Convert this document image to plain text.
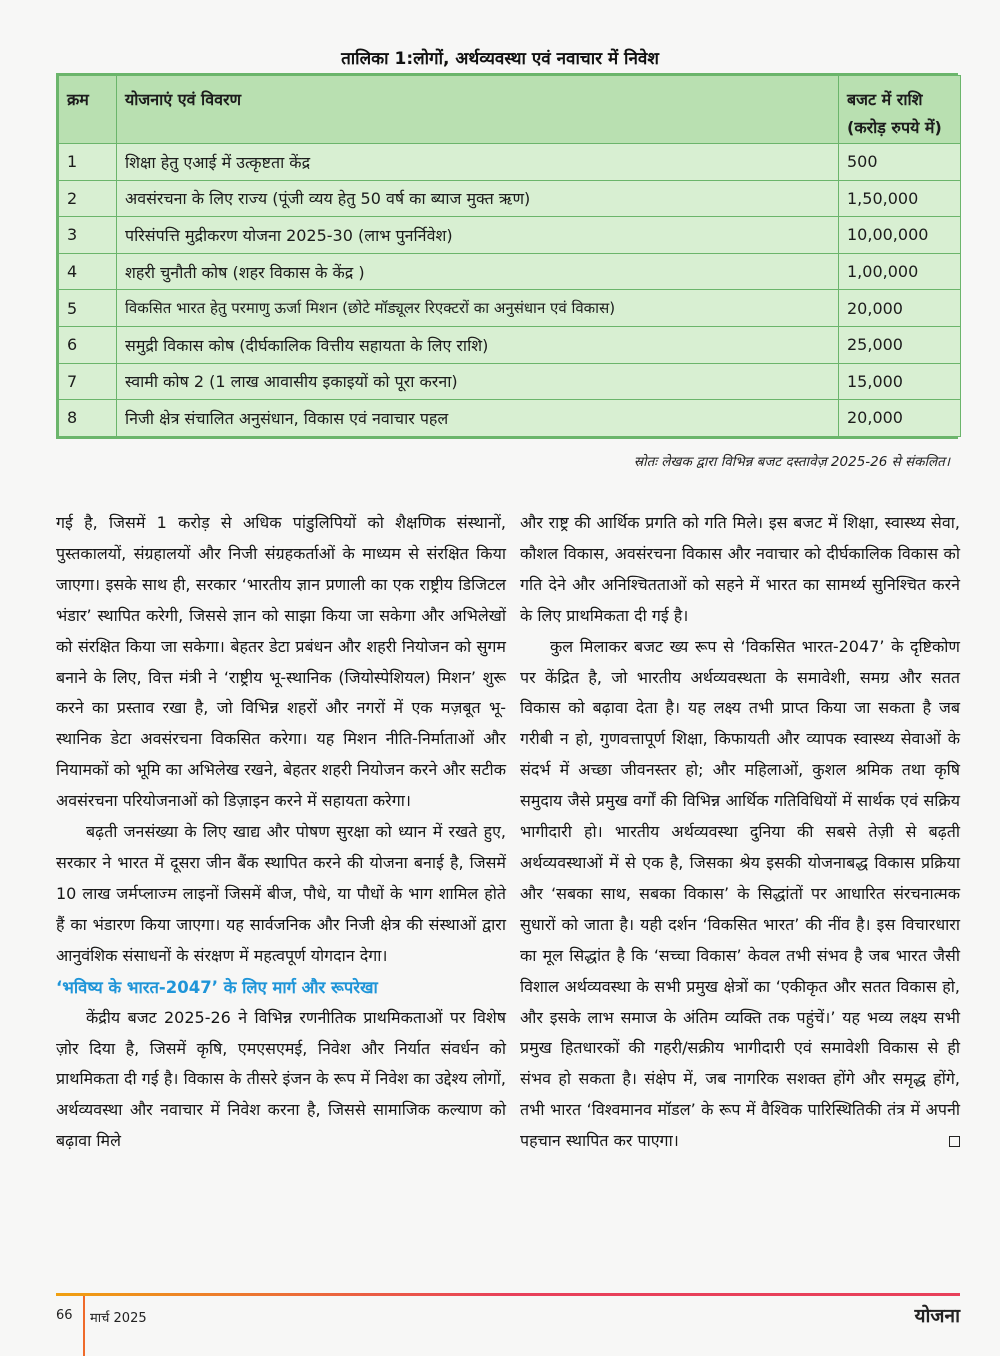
तालिका 1:लोगों, अर्थव्यवस्था एवं नवाचार में निवेश
क्रम	योजनाएं एवं विवरण	बजट में राशि
(करोड़ रुपये में)

1	शिक्षा हेतु एआई में उत्कृष्टता केंद्र	500
2	अवसंरचना के लिए राज्य (पूंजी व्यय हेतु 50 वर्ष का ब्याज मुक्त ऋण)	1,50,000
3	परिसंपत्ति मुद्रीकरण योजना 2025-30 (लाभ पुनर्निवेश)	10,00,000
4	शहरी चुनौती कोष (शहर विकास के केंद्र )	1,00,000
5	विकसित भारत हेतु परमाणु ऊर्जा मिशन (छोटे मॉड्यूलर रिएक्टरों का अनुसंधान एवं विकास)	20,000
6	समुद्री विकास कोष (दीर्घकालिक वित्तीय सहायता के लिए राशि)	25,000
7	स्वामी कोष 2 (1 लाख आवासीय इकाइयों को पूरा करना)	15,000
8	निजी क्षेत्र संचालित अनुसंधान, विकास एवं नवाचार पहल	20,000
स्रोतः लेखक द्वारा विभिन्न बजट दस्तावेज़ 2025-26 से संकलित।

गई है, जिसमें 1 करोड़ से अधिक पांडुलिपियों को शैक्षणिक संस्थानों, पुस्तकालयों, संग्रहालयों और निजी संग्रहकर्ताओं के माध्यम से संरक्षित किया जाएगा। इसके साथ ही, सरकार ‘भारतीय ज्ञान प्रणाली का एक राष्ट्रीय डिजिटल भंडार’ स्थापित करेगी, जिससे ज्ञान को साझा किया जा सकेगा और अभिलेखों को संरक्षित किया जा सकेगा। बेहतर डेटा प्रबंधन और शहरी नियोजन को सुगम बनाने के लिए, वित्त मंत्री ने ‘राष्ट्रीय भू-स्थानिक (जियोस्पेशियल) मिशन’ शुरू करने का प्रस्ताव रखा है, जो विभिन्न शहरों और नगरों में एक मज़बूत भू-स्थानिक डेटा अवसंरचना विकसित करेगा। यह मिशन नीति-निर्माताओं और नियामकों को भूमि का अभिलेख रखने, बेहतर शहरी नियोजन करने और सटीक अवसंरचना परियोजनाओं को डिज़ाइन करने में सहायता करेगा।

बढ़ती जनसंख्या के लिए खाद्य और पोषण सुरक्षा को ध्यान में रखते हुए, सरकार ने भारत में दूसरा जीन बैंक स्थापित करने की योजना बनाई है, जिसमें 10 लाख जर्मप्लाज्म लाइनों जिसमें बीज, पौधे, या पौधों के भाग शामिल होते हैं का भंडारण किया जाएगा। यह सार्वजनिक और निजी क्षेत्र की संस्थाओं द्वारा आनुवंशिक संसाधनों के संरक्षण में महत्वपूर्ण योगदान देगा।

‘भविष्य के भारत-2047’ के लिए मार्ग और रूपरेखा

केंद्रीय बजट 2025-26 ने विभिन्न रणनीतिक प्राथमिकताओं पर विशेष ज़ोर दिया है, जिसमें कृषि, एमएसएमई, निवेश और निर्यात संवर्धन को प्राथमिकता दी गई है। विकास के तीसरे इंजन के रूप में निवेश का उद्देश्य लोगों, अर्थव्यवस्था और नवाचार में निवेश करना है, जिससे सामाजिक कल्याण को बढ़ावा मिले

और राष्ट्र की आर्थिक प्रगति को गति मिले। इस बजट में शिक्षा, स्वास्थ्य सेवा, कौशल विकास, अवसंरचना विकास और नवाचार को दीर्घकालिक विकास को गति देने और अनिश्चितताओं को सहने में भारत का सामर्थ्य सुनिश्चित करने के लिए प्राथमिकता दी गई है।

कुल मिलाकर बजट ख्य रूप से ‘विकसित भारत-2047’ के दृष्टिकोण पर केंद्रित है, जो भारतीय अर्थव्यवस्थता के समावेशी, समग्र और सतत विकास को बढ़ावा देता है। यह लक्ष्य तभी प्राप्त किया जा सकता है जब गरीबी न हो, गुणवत्तापूर्ण शिक्षा, किफायती और व्यापक स्वास्थ्य सेवाओं के संदर्भ में अच्छा जीवनस्तर हो; और महिलाओं, कुशल श्रमिक तथा कृषि समुदाय जैसे प्रमुख वर्गों की विभिन्न आर्थिक गतिविधियों में सार्थक एवं सक्रिय भागीदारी हो। भारतीय अर्थव्यवस्था दुनिया की सबसे तेज़ी से बढ़ती अर्थव्यवस्थाओं में से एक है, जिसका श्रेय इसकी योजनाबद्ध विकास प्रक्रिया और ‘सबका साथ, सबका विकास’ के सिद्धांतों पर आधारित संरचनात्मक सुधारों को जाता है। यही दर्शन ‘विकसित भारत’ की नींव है। इस विचारधारा का मूल सिद्धांत है कि ‘सच्चा विकास’ केवल तभी संभव है जब भारत जैसी विशाल अर्थव्यवस्था के सभी प्रमुख क्षेत्रों का ‘एकीकृत और सतत विकास हो, और इसके लाभ समाज के अंतिम व्यक्ति तक पहुंचें।’ यह भव्य लक्ष्य सभी प्रमुख हितधारकों की गहरी/सक्रीय भागीदारी एवं समावेशी विकास से ही संभव हो सकता है। संक्षेप में, जब नागरिक सशक्त होंगे और समृद्ध होंगे, तभी भारत ‘विश्वमानव मॉडल’ के रूप में वैश्विक पारिस्थितिकी तंत्र में अपनी पहचान स्थापित कर पाएगा।

66 मार्च 2025	योजना
